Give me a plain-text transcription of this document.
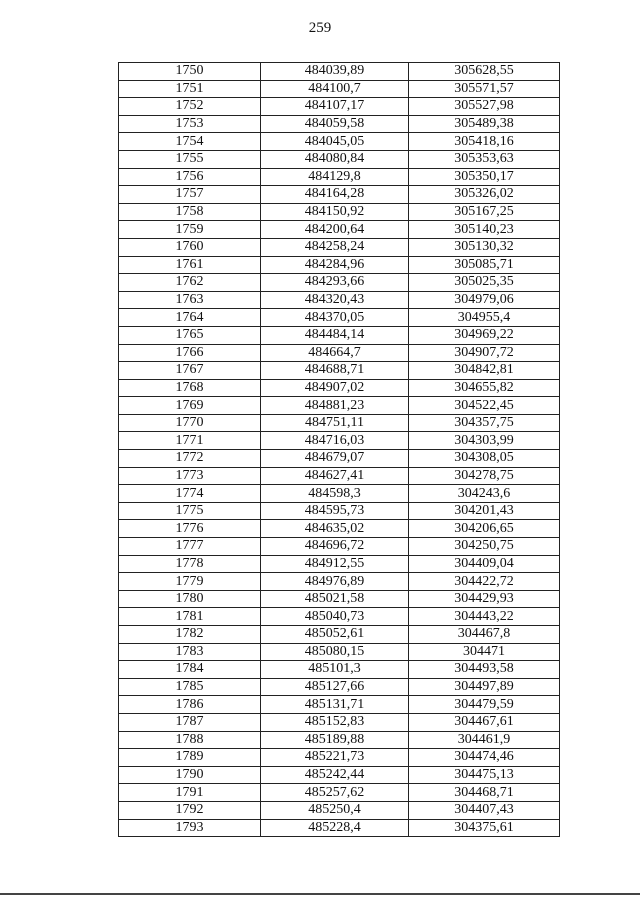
259
1750	484039,89	305628,55
1751	484100,7	305571,57
1752	484107,17	305527,98
1753	484059,58	305489,38
1754	484045,05	305418,16
1755	484080,84	305353,63
1756	484129,8	305350,17
1757	484164,28	305326,02
1758	484150,92	305167,25
1759	484200,64	305140,23
1760	484258,24	305130,32
1761	484284,96	305085,71
1762	484293,66	305025,35
1763	484320,43	304979,06
1764	484370,05	304955,4
1765	484484,14	304969,22
1766	484664,7	304907,72
1767	484688,71	304842,81
1768	484907,02	304655,82
1769	484881,23	304522,45
1770	484751,11	304357,75
1771	484716,03	304303,99
1772	484679,07	304308,05
1773	484627,41	304278,75
1774	484598,3	304243,6
1775	484595,73	304201,43
1776	484635,02	304206,65
1777	484696,72	304250,75
1778	484912,55	304409,04
1779	484976,89	304422,72
1780	485021,58	304429,93
1781	485040,73	304443,22
1782	485052,61	304467,8
1783	485080,15	304471
1784	485101,3	304493,58
1785	485127,66	304497,89
1786	485131,71	304479,59
1787	485152,83	304467,61
1788	485189,88	304461,9
1789	485221,73	304474,46
1790	485242,44	304475,13
1791	485257,62	304468,71
1792	485250,4	304407,43
1793	485228,4	304375,61
